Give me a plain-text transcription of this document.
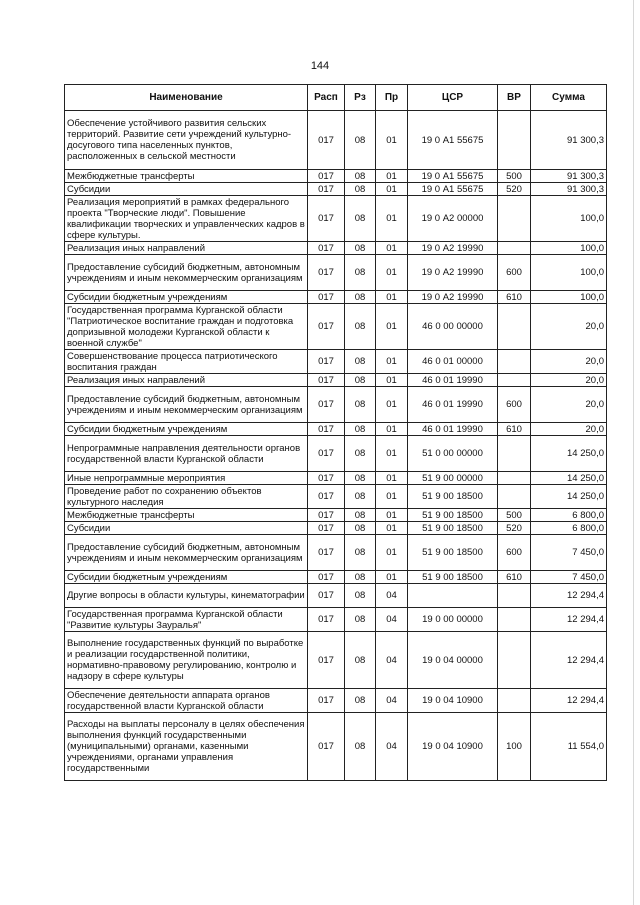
144
Наименование	Расп	Рз	Пр	ЦСР	ВР	Сумма
Обеспечение устойчивого развития сельских территорий. Развитие сети учреждений культурно-досугового типа населенных пунктов, расположенных в сельской местности	017	08	01	19 0 А1 55675		91 300,3
Межбюджетные трансферты	017	08	01	19 0 А1 55675	500	91 300,3
Субсидии	017	08	01	19 0 А1 55675	520	91 300,3
Реализация мероприятий в рамках федерального проекта "Творческие люди". Повышение квалификации творческих и управленческих кадров в сфере культуры.	017	08	01	19 0 А2 00000		100,0
Реализация иных направлений	017	08	01	19 0 А2 19990		100,0
Предоставление субсидий бюджетным, автономным учреждениям и иным некоммерческим организациям	017	08	01	19 0 А2 19990	600	100,0
Субсидии бюджетным учреждениям	017	08	01	19 0 А2 19990	610	100,0
Государственная программа Курганской области "Патриотическое воспитание граждан и подготовка допризывной молодежи Курганской области к военной службе"	017	08	01	46 0 00 00000		20,0
Совершенствование процесса патриотического воспитания граждан	017	08	01	46 0 01 00000		20,0
Реализация иных направлений	017	08	01	46 0 01 19990		20,0
Предоставление субсидий бюджетным, автономным учреждениям и иным некоммерческим организациям	017	08	01	46 0 01 19990	600	20,0
Субсидии бюджетным учреждениям	017	08	01	46 0 01 19990	610	20,0
Непрограммные направления деятельности органов государственной власти Курганской области	017	08	01	51 0 00 00000		14 250,0
Иные непрограммные мероприятия	017	08	01	51 9 00 00000		14 250,0
Проведение работ по сохранению объектов культурного наследия	017	08	01	51 9 00 18500		14 250,0
Межбюджетные трансферты	017	08	01	51 9 00 18500	500	6 800,0
Субсидии	017	08	01	51 9 00 18500	520	6 800,0
Предоставление субсидий бюджетным, автономным учреждениям и иным некоммерческим организациям	017	08	01	51 9 00 18500	600	7 450,0
Субсидии бюджетным учреждениям	017	08	01	51 9 00 18500	610	7 450,0
Другие вопросы в области культуры, кинематографии	017	08	04			12 294,4
Государственная программа Курганской области "Развитие культуры Зауралья"	017	08	04	19 0 00 00000		12 294,4
Выполнение государственных функций по выработке и реализации государственной политики, нормативно-правовому регулированию, контролю и надзору в сфере культуры	017	08	04	19 0 04 00000		12 294,4
Обеспечение деятельности аппарата органов государственной власти Курганской области	017	08	04	19 0 04 10900		12 294,4
Расходы на выплаты персоналу в целях обеспечения выполнения функций государственными (муниципальными) органами, казенными учреждениями, органами управления государственными	017	08	04	19 0 04 10900	100	11 554,0
